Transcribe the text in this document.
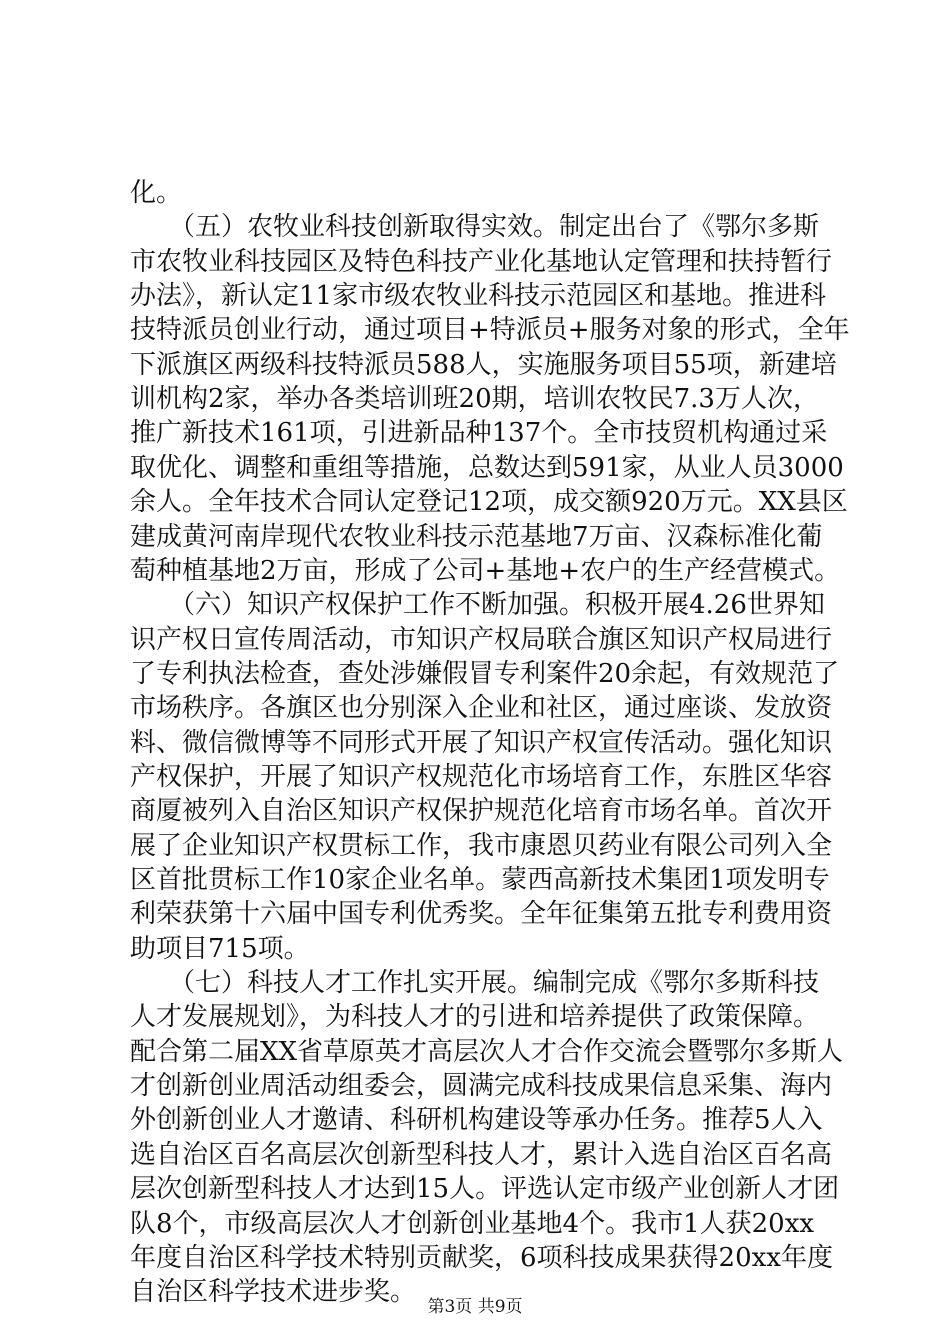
化。
　　（五）农牧业科技创新取得实效。制定出台了《鄂尔多斯
市农牧业科技园区及特色科技产业化基地认定管理和扶持暂行
办法》，新认定11家市级农牧业科技示范园区和基地。推进科
技特派员创业行动，通过项目+特派员+服务对象的形式，全年
下派旗区两级科技特派员588人，实施服务项目55项，新建培
训机构2家，举办各类培训班20期，培训农牧民7.3万人次，
推广新技术161项，引进新品种137个。全市技贸机构通过采
取优化、调整和重组等措施，总数达到591家，从业人员3000
余人。全年技术合同认定登记12项，成交额920万元。XX县区
建成黄河南岸现代农牧业科技示范基地7万亩、汉森标准化葡
萄种植基地2万亩，形成了公司+基地+农户的生产经营模式。
　　（六）知识产权保护工作不断加强。积极开展4.26世界知
识产权日宣传周活动，市知识产权局联合旗区知识产权局进行
了专利执法检查，查处涉嫌假冒专利案件20余起，有效规范了
市场秩序。各旗区也分别深入企业和社区，通过座谈、发放资
料、微信微博等不同形式开展了知识产权宣传活动。强化知识
产权保护，开展了知识产权规范化市场培育工作，东胜区华容
商厦被列入自治区知识产权保护规范化培育市场名单。首次开
展了企业知识产权贯标工作，我市康恩贝药业有限公司列入全
区首批贯标工作10家企业名单。蒙西高新技术集团1项发明专
利荣获第十六届中国专利优秀奖。全年征集第五批专利费用资
助项目715项。
　　（七）科技人才工作扎实开展。编制完成《鄂尔多斯科技
人才发展规划》，为科技人才的引进和培养提供了政策保障。
配合第二届XX省草原英才高层次人才合作交流会暨鄂尔多斯人
才创新创业周活动组委会，圆满完成科技成果信息采集、海内
外创新创业人才邀请、科研机构建设等承办任务。推荐5人入
选自治区百名高层次创新型科技人才，累计入选自治区百名高
层次创新型科技人才达到15人。评选认定市级产业创新人才团
队8个，市级高层次人才创新创业基地4个。我市1人获20xx
年度自治区科学技术特别贡献奖，6项科技成果获得20xx年度
自治区科学技术进步奖。 第3页 共9页
